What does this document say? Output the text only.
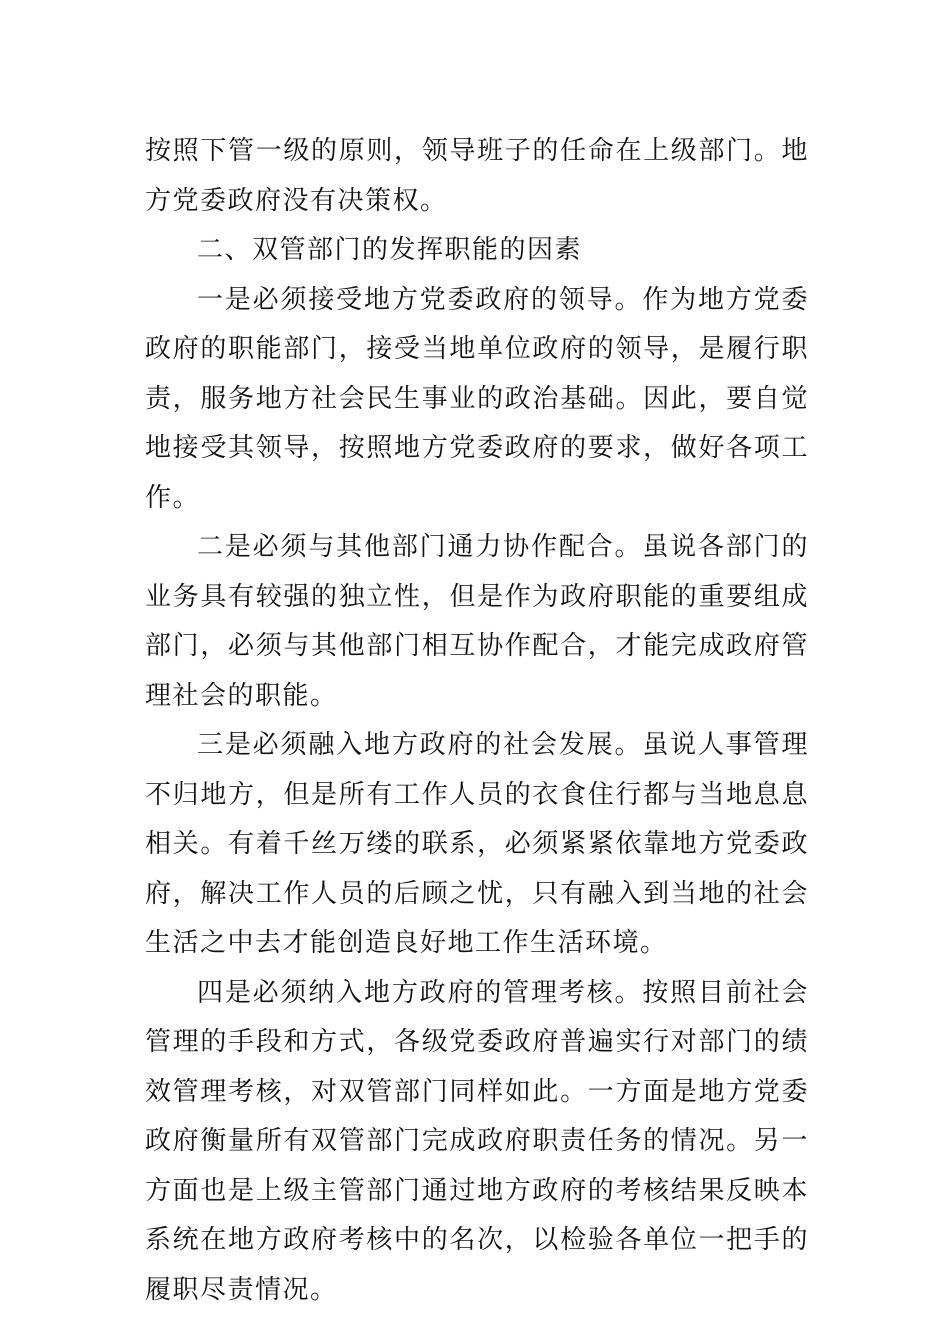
按照下管一级的原则，领导班子的任命在上级部门。地方党委政府没有决策权。

二、双管部门的发挥职能的因素

一是必须接受地方党委政府的领导。作为地方党委政府的职能部门，接受当地单位政府的领导，是履行职责，服务地方社会民生事业的政治基础。因此，要自觉地接受其领导，按照地方党委政府的要求，做好各项工作。

二是必须与其他部门通力协作配合。虽说各部门的业务具有较强的独立性，但是作为政府职能的重要组成部门，必须与其他部门相互协作配合，才能完成政府管理社会的职能。

三是必须融入地方政府的社会发展。虽说人事管理不归地方，但是所有工作人员的衣食住行都与当地息息相关。有着千丝万缕的联系，必须紧紧依靠地方党委政府，解决工作人员的后顾之忧，只有融入到当地的社会生活之中去才能创造良好地工作生活环境。

四是必须纳入地方政府的管理考核。按照目前社会管理的手段和方式，各级党委政府普遍实行对部门的绩效管理考核，对双管部门同样如此。一方面是地方党委政府衡量所有双管部门完成政府职责任务的情况。另一方面也是上级主管部门通过地方政府的考核结果反映本系统在地方政府考核中的名次，以检验各单位一把手的履职尽责情况。
